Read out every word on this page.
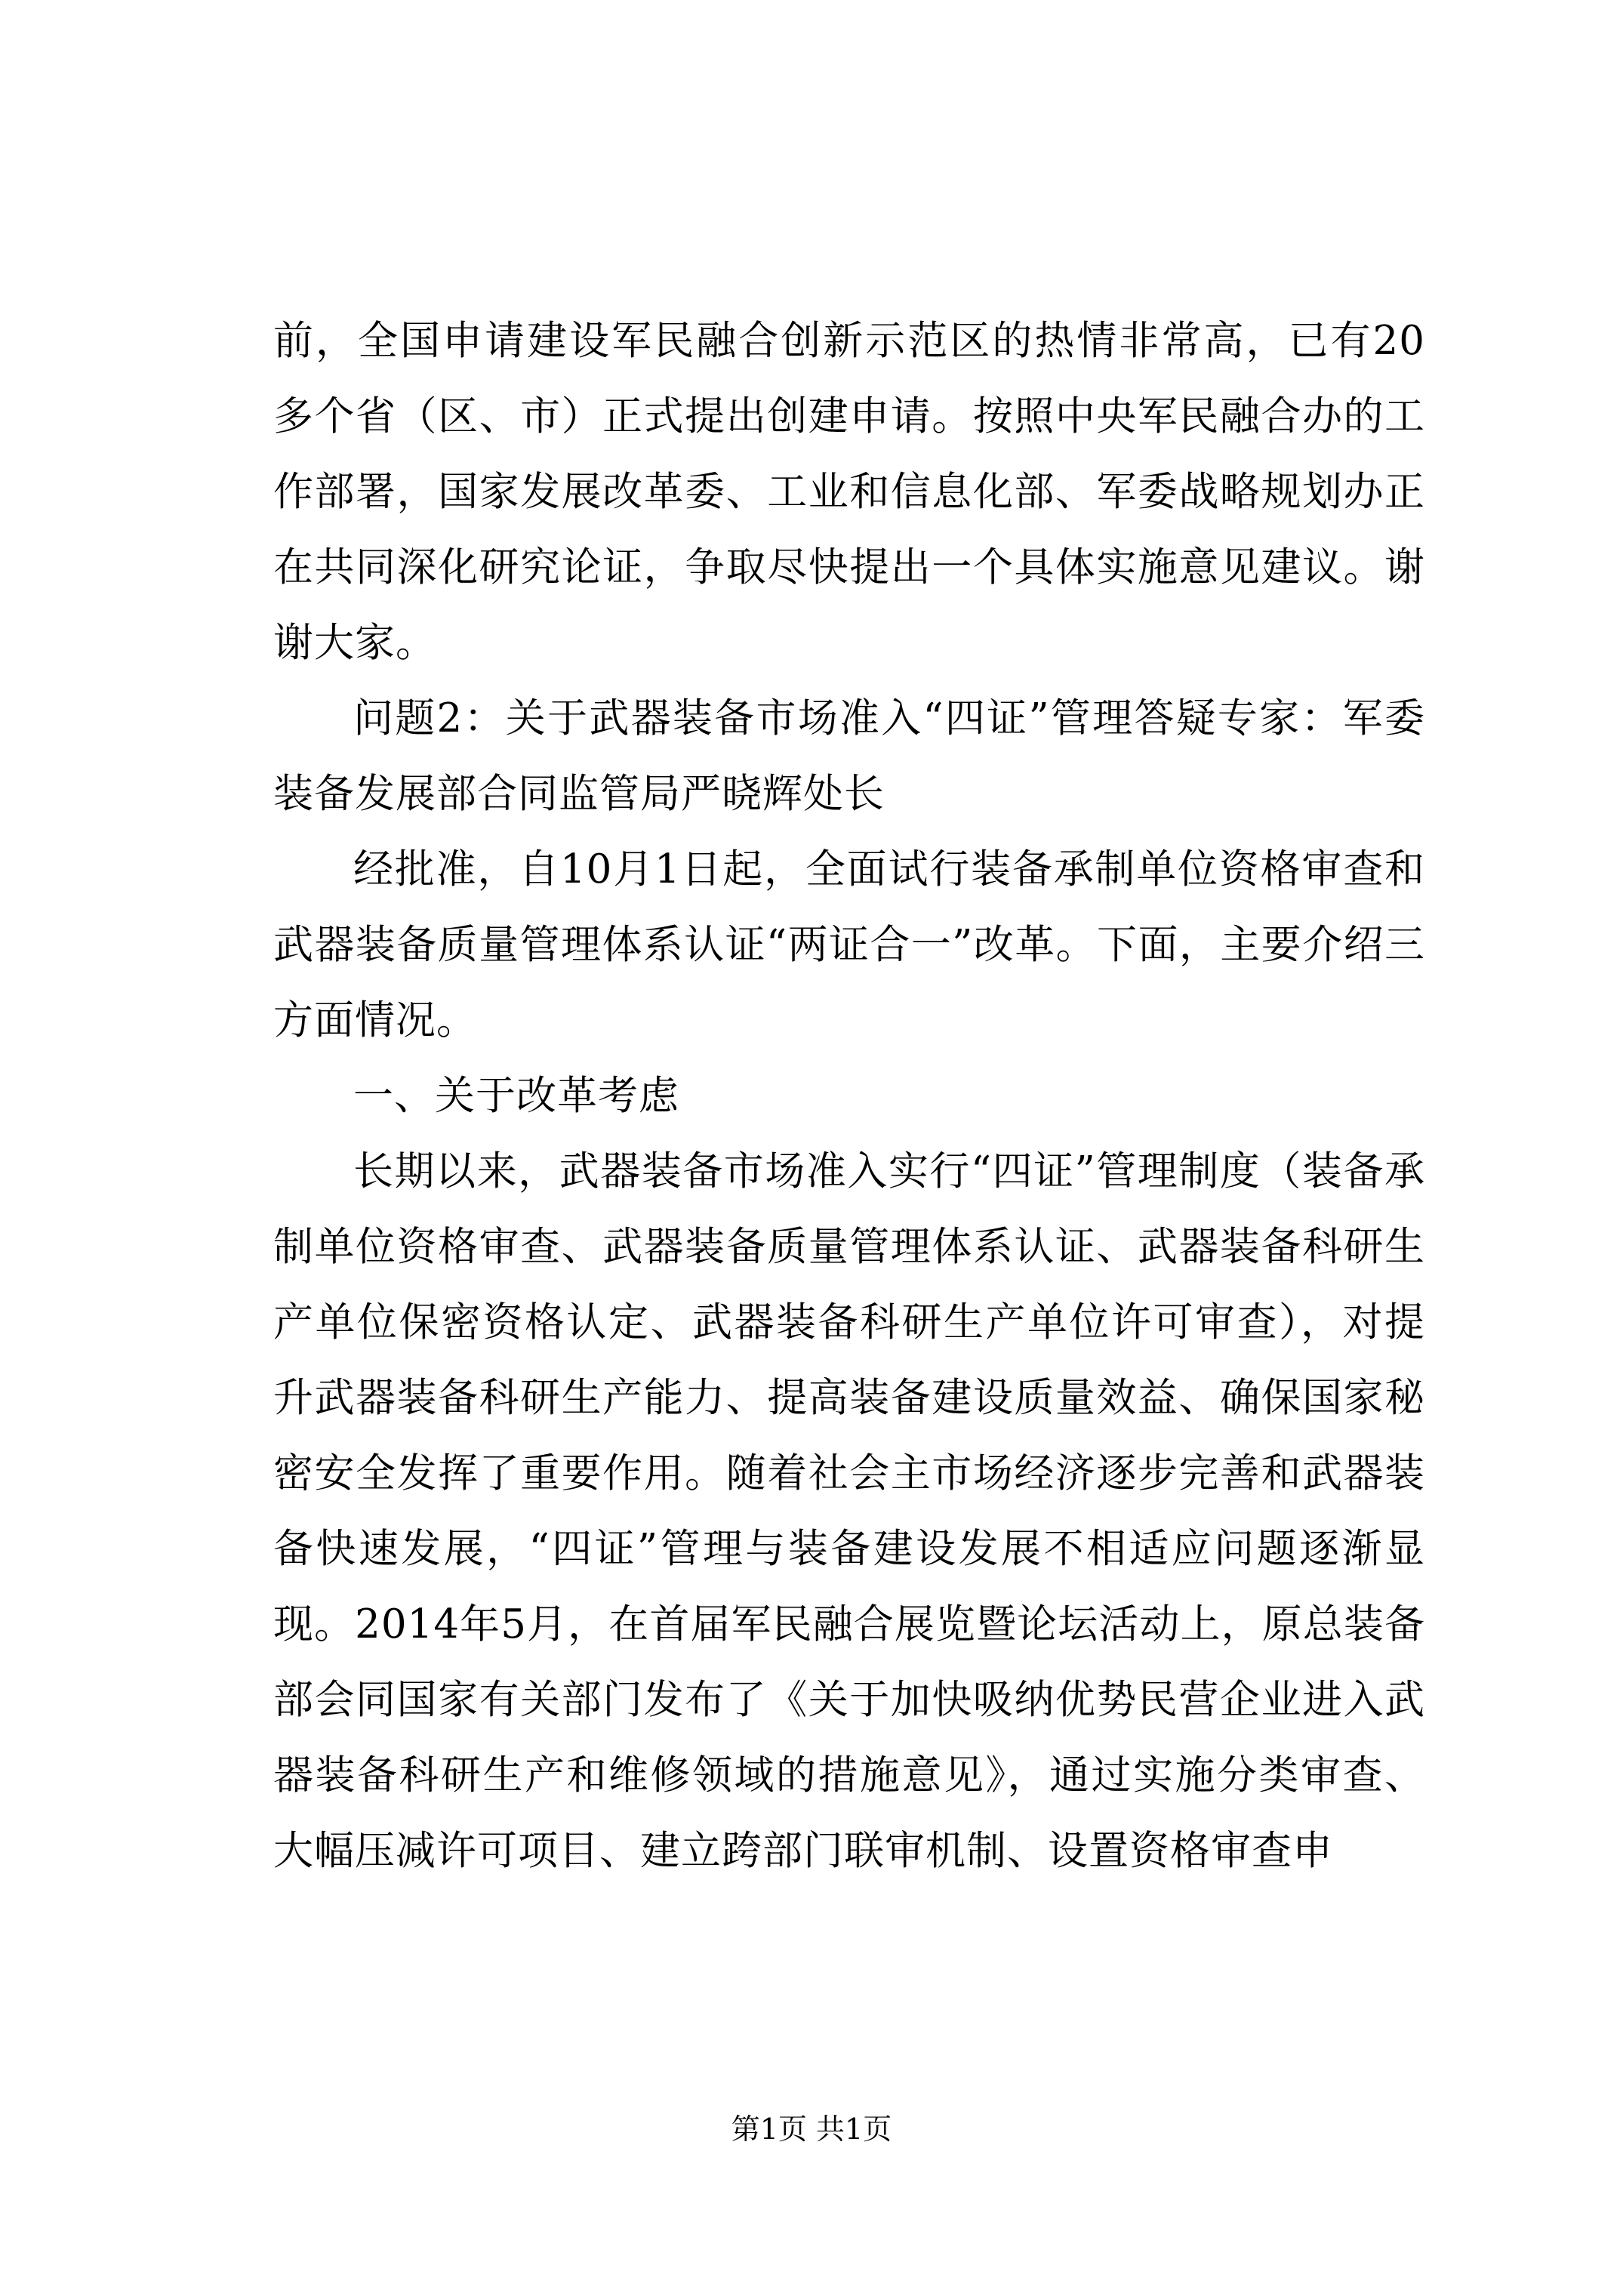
前，全国申请建设军民融合创新示范区的热情非常高，已有20多个省（区、市）正式提出创建申请。按照中央军民融合办的工作部署，国家发展改革委、工业和信息化部、军委战略规划办正在共同深化研究论证，争取尽快提出一个具体实施意见建议。谢谢大家。

问题2：关于武器装备市场准入“四证”管理答疑专家：军委装备发展部合同监管局严晓辉处长

经批准，自10月1日起，全面试行装备承制单位资格审查和武器装备质量管理体系认证“两证合一”改革。下面，主要介绍三方面情况。

一、关于改革考虑

长期以来，武器装备市场准入实行“四证”管理制度（装备承制单位资格审查、武器装备质量管理体系认证、武器装备科研生产单位保密资格认定、武器装备科研生产单位许可审查），对提升武器装备科研生产能力、提高装备建设质量效益、确保国家秘密安全发挥了重要作用。随着社会主市场经济逐步完善和武器装备快速发展，“四证”管理与装备建设发展不相适应问题逐渐显现。2014年5月，在首届军民融合展览暨论坛活动上，原总装备部会同国家有关部门发布了《关于加快吸纳优势民营企业进入武器装备科研生产和维修领域的措施意见》，通过实施分类审查、大幅压减许可项目、建立跨部门联审机制、设置资格审查申

第1页 共1页
